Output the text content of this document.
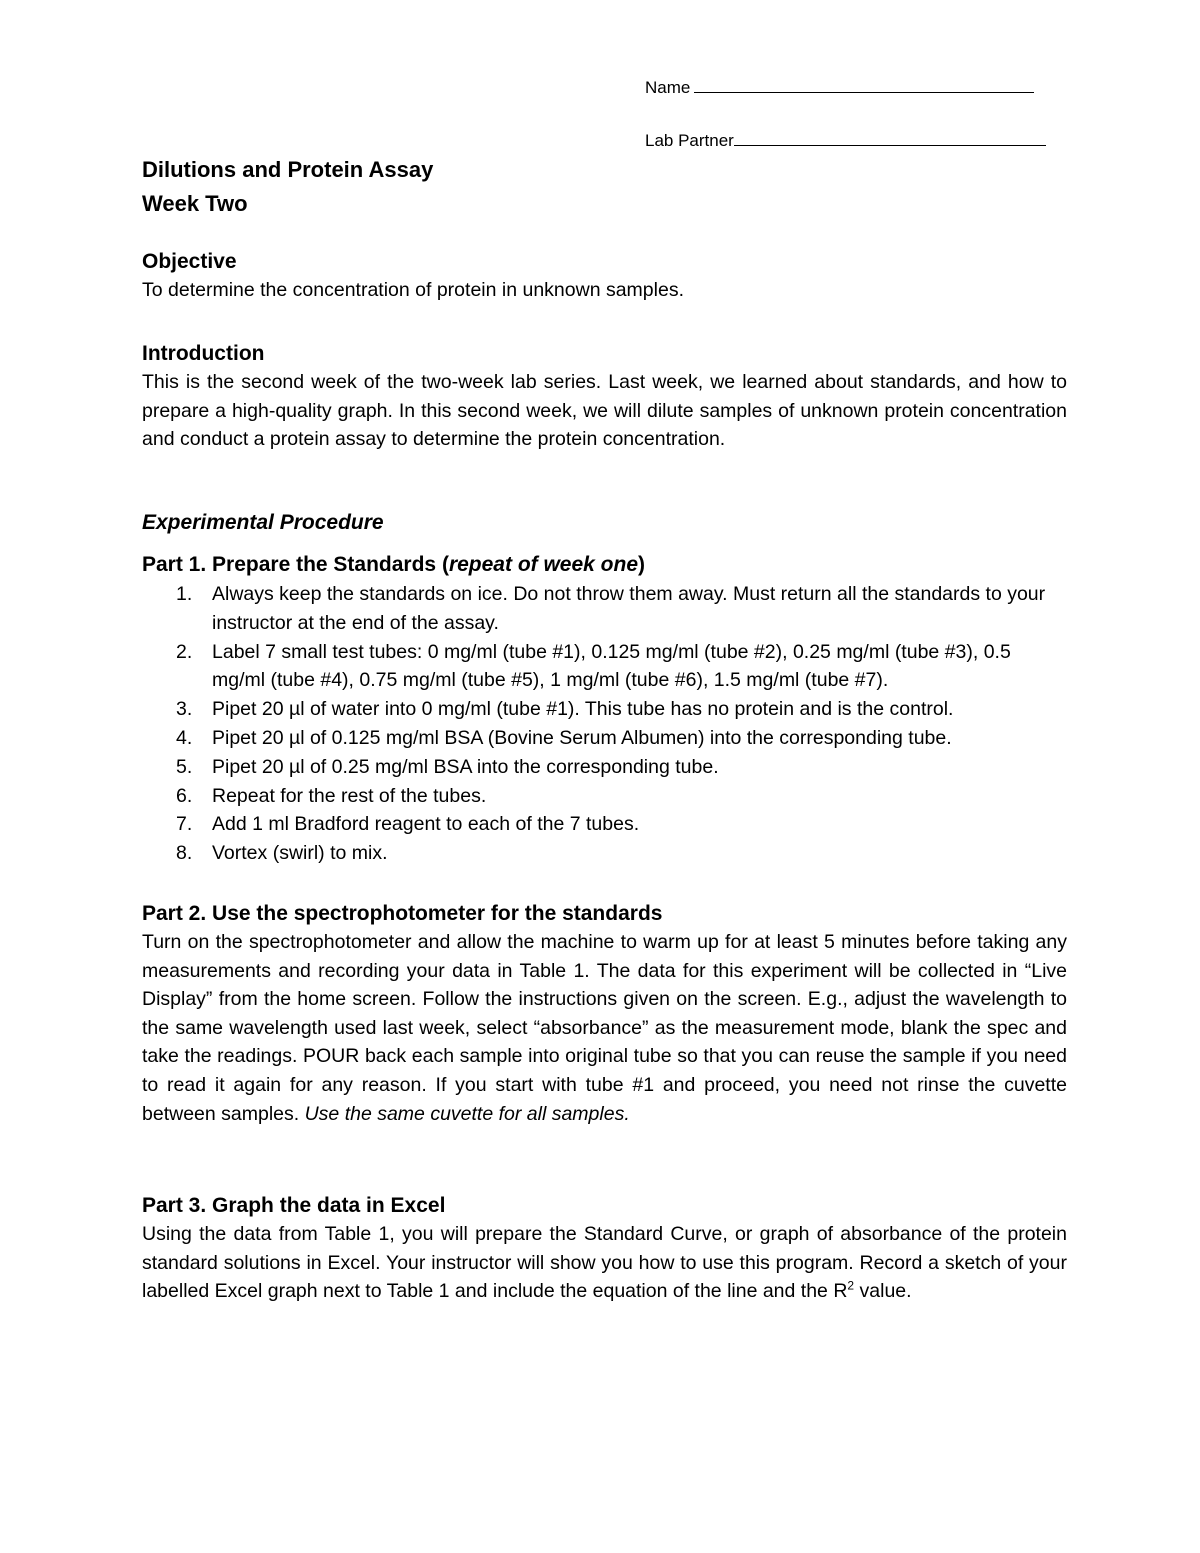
Name
Lab Partner
Dilutions and Protein Assay
Week Two

Objective

To determine the concentration of protein in unknown samples.

Introduction

This is the second week of the two-week lab series. Last week, we learned about standards, and how to prepare a high-quality graph. In this second week, we will dilute samples of unknown protein concentration and conduct a protein assay to determine the protein concentration.

Experimental Procedure

Part 1. Prepare the Standards (repeat of week one)

1. Always keep the standards on ice. Do not throw them away. Must return all the standards to your instructor at the end of the assay.
2. Label 7 small test tubes: 0 mg/ml (tube #1), 0.125 mg/ml (tube #2), 0.25 mg/ml (tube #3), 0.5 mg/ml (tube #4), 0.75 mg/ml (tube #5), 1 mg/ml (tube #6), 1.5 mg/ml (tube #7).
3. Pipet 20 µl of water into 0 mg/ml (tube #1). This tube has no protein and is the control.
4. Pipet 20 µl of 0.125 mg/ml BSA (Bovine Serum Albumen) into the corresponding tube.
5. Pipet 20 µl of 0.25 mg/ml BSA into the corresponding tube.
6. Repeat for the rest of the tubes.
7. Add 1 ml Bradford reagent to each of the 7 tubes.
8. Vortex (swirl) to mix.

Part 2. Use the spectrophotometer for the standards

Turn on the spectrophotometer and allow the machine to warm up for at least 5 minutes before taking any measurements and recording your data in Table 1. The data for this experiment will be collected in “Live Display” from the home screen. Follow the instructions given on the screen. E.g., adjust the wavelength to the same wavelength used last week, select “absorbance” as the measurement mode, blank the spec and take the readings. POUR back each sample into original tube so that you can reuse the sample if you need to read it again for any reason. If you start with tube #1 and proceed, you need not rinse the cuvette between samples. Use the same cuvette for all samples.

Part 3. Graph the data in Excel

Using the data from Table 1, you will prepare the Standard Curve, or graph of absorbance of the protein standard solutions in Excel. Your instructor will show you how to use this program. Record a sketch of your labelled Excel graph next to Table 1 and include the equation of the line and the $R^2$ value.
